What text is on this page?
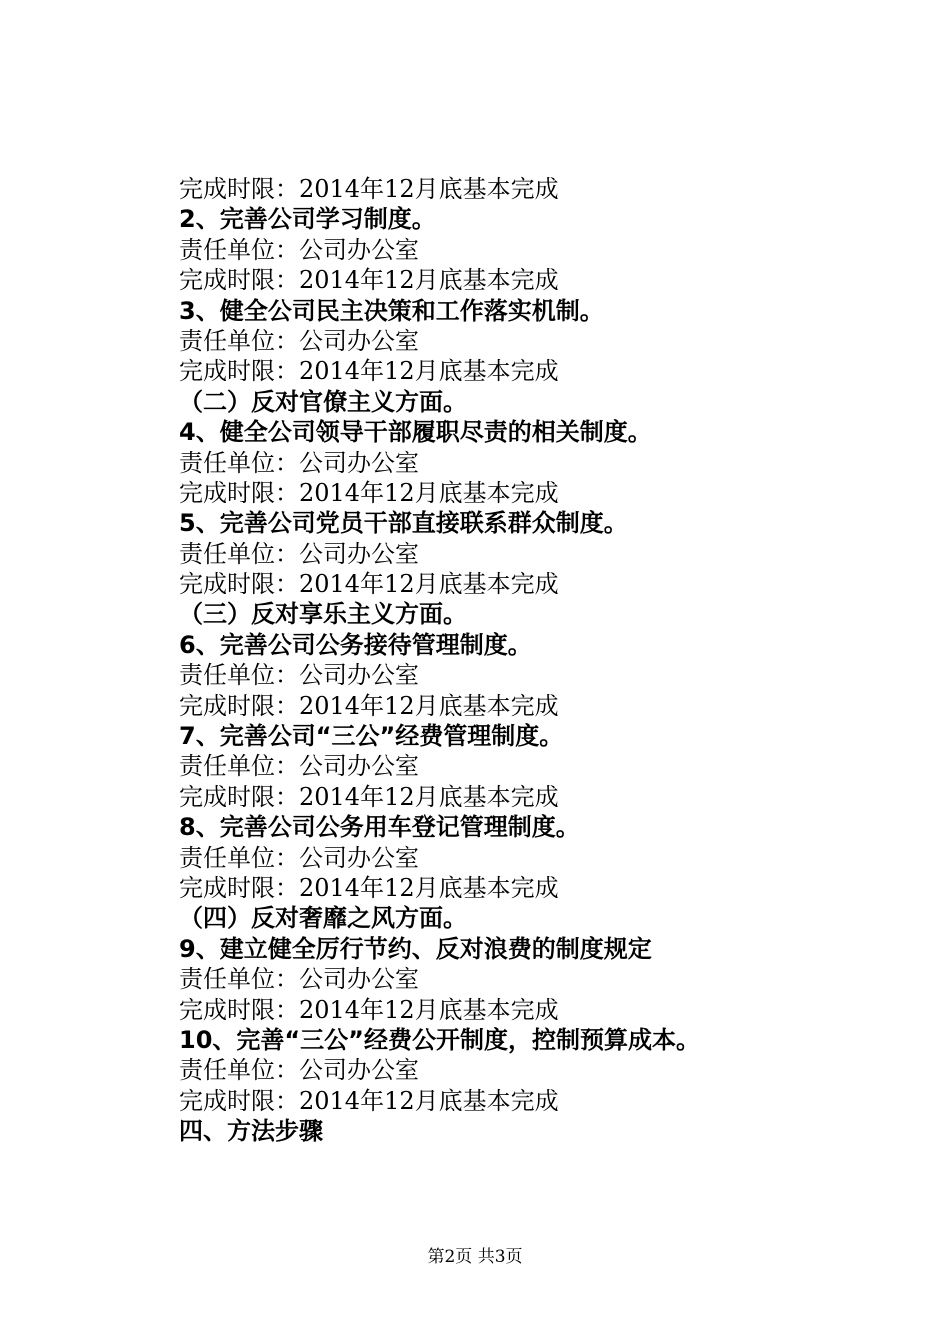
完成时限：2014年12月底基本完成
2、完善公司学习制度。
责任单位：公司办公室
完成时限：2014年12月底基本完成
3、健全公司民主决策和工作落实机制。
责任单位：公司办公室
完成时限：2014年12月底基本完成
（二）反对官僚主义方面。
4、健全公司领导干部履职尽责的相关制度。
责任单位：公司办公室
完成时限：2014年12月底基本完成
5、完善公司党员干部直接联系群众制度。
责任单位：公司办公室
完成时限：2014年12月底基本完成
（三）反对享乐主义方面。
6、完善公司公务接待管理制度。
责任单位：公司办公室
完成时限：2014年12月底基本完成
7、完善公司“三公”经费管理制度。
责任单位：公司办公室
完成时限：2014年12月底基本完成
8、完善公司公务用车登记管理制度。
责任单位：公司办公室
完成时限：2014年12月底基本完成
（四）反对奢靡之风方面。
9、建立健全厉行节约、反对浪费的制度规定
责任单位：公司办公室
完成时限：2014年12月底基本完成
10、完善“三公”经费公开制度，控制预算成本。
责任单位：公司办公室
完成时限：2014年12月底基本完成
四、方法步骤
第2页 共3页
